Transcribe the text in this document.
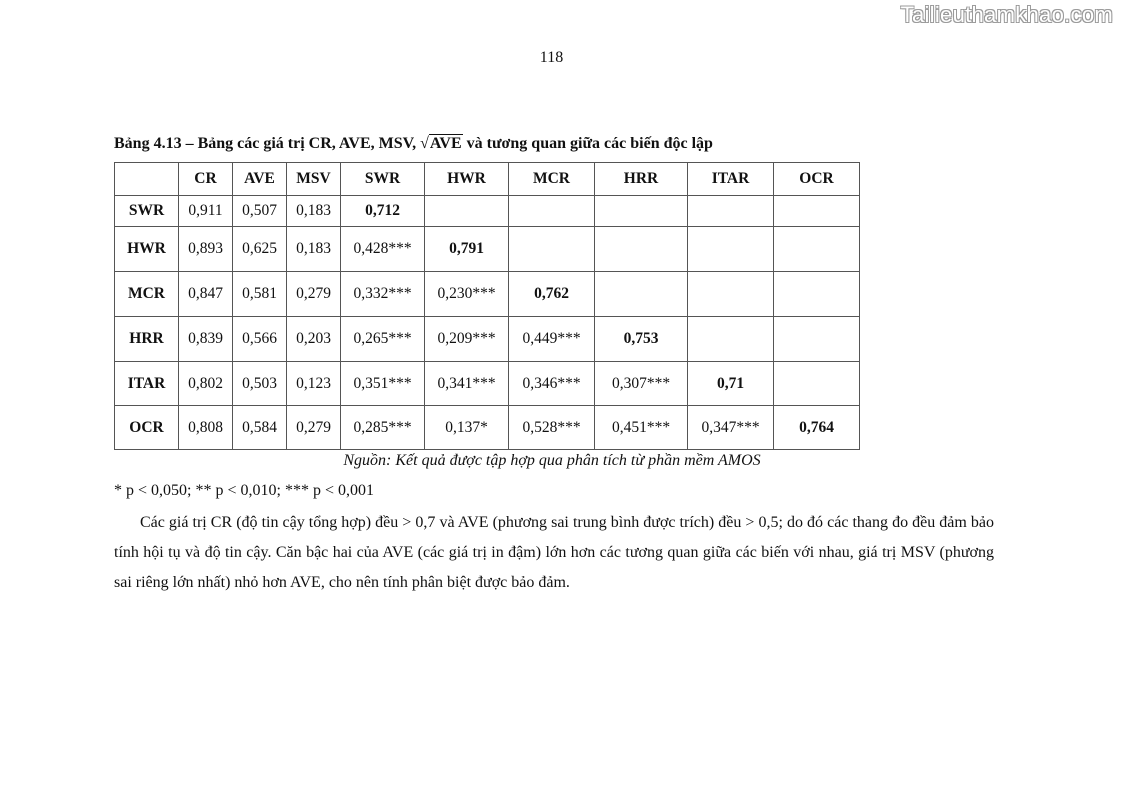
Tailieuthamkhao.com
118
Bảng 4.13 – Bảng các giá trị CR, AVE, MSV, √AVE và tương quan giữa các biến độc lập
	CR	AVE	MSV	SWR	HWR	MCR	HRR	ITAR	OCR
SWR	0,911	0,507	0,183	0,712					
HWR	0,893	0,625	0,183	0,428***	0,791				
MCR	0,847	0,581	0,279	0,332***	0,230***	0,762			
HRR	0,839	0,566	0,203	0,265***	0,209***	0,449***	0,753		
ITAR	0,802	0,503	0,123	0,351***	0,341***	0,346***	0,307***	0,71	
OCR	0,808	0,584	0,279	0,285***	0,137*	0,528***	0,451***	0,347***	0,764
Nguồn: Kết quả được tập hợp qua phân tích từ phần mềm AMOS
* p < 0,050; ** p < 0,010; *** p < 0,001
Các giá trị CR (độ tin cậy tổng hợp) đều > 0,7 và AVE (phương sai trung bình được trích) đều > 0,5; do đó các thang đo đều đảm bảo tính hội tụ và độ tin cậy. Căn bậc hai của AVE (các giá trị in đậm) lớn hơn các tương quan giữa các biến với nhau, giá trị MSV (phương sai riêng lớn nhất) nhỏ hơn AVE, cho nên tính phân biệt được bảo đảm.
